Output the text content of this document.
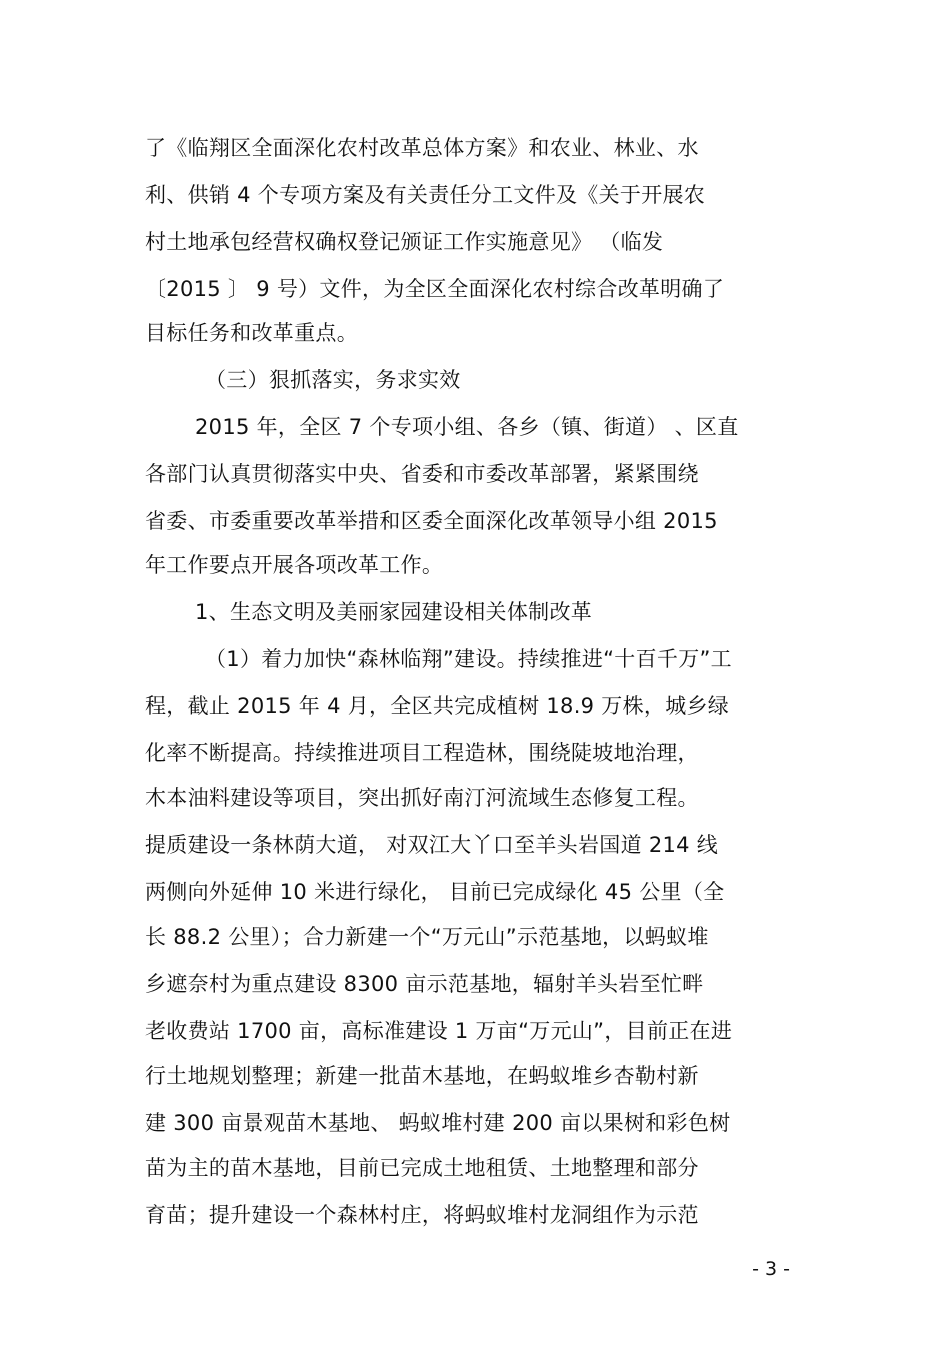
了《临翔区全面深化农村改革总体方案》和农业、林业、水
利、供销 4 个专项方案及有关责任分工文件及《关于开展农
村土地承包经营权确权登记颁证工作实施意见》 （临发
〔2015 〕 9 号）文件，为全区全面深化农村综合改革明确了
目标任务和改革重点。
（三）狠抓落实，务求实效
2015 年，全区 7 个专项小组、各乡（镇、街道） 、区直
各部门认真贯彻落实中央、省委和市委改革部署，紧紧围绕
省委、市委重要改革举措和区委全面深化改革领导小组 2015
年工作要点开展各项改革工作。
1、生态文明及美丽家园建设相关体制改革
（1）着力加快“森林临翔”建设。持续推进“十百千万”工
程，截止 2015 年 4 月，全区共完成植树 18.9 万株，城乡绿
化率不断提高。持续推进项目工程造林，围绕陡坡地治理，
木本油料建设等项目，突出抓好南汀河流域生态修复工程。
提质建设一条林荫大道， 对双江大丫口至羊头岩国道 214 线
两侧向外延伸 10 米进行绿化， 目前已完成绿化 45 公里（全
长 88.2 公里）；合力新建一个“万元山”示范基地，以蚂蚁堆
乡遮奈村为重点建设 8300 亩示范基地，辐射羊头岩至忙畔
老收费站 1700 亩，高标准建设 1 万亩“万元山”，目前正在进
行土地规划整理；新建一批苗木基地，在蚂蚁堆乡杏勒村新
建 300 亩景观苗木基地、 蚂蚁堆村建 200 亩以果树和彩色树
苗为主的苗木基地，目前已完成土地租赁、土地整理和部分
育苗；提升建设一个森林村庄，将蚂蚁堆村龙洞组作为示范
- 3 -
